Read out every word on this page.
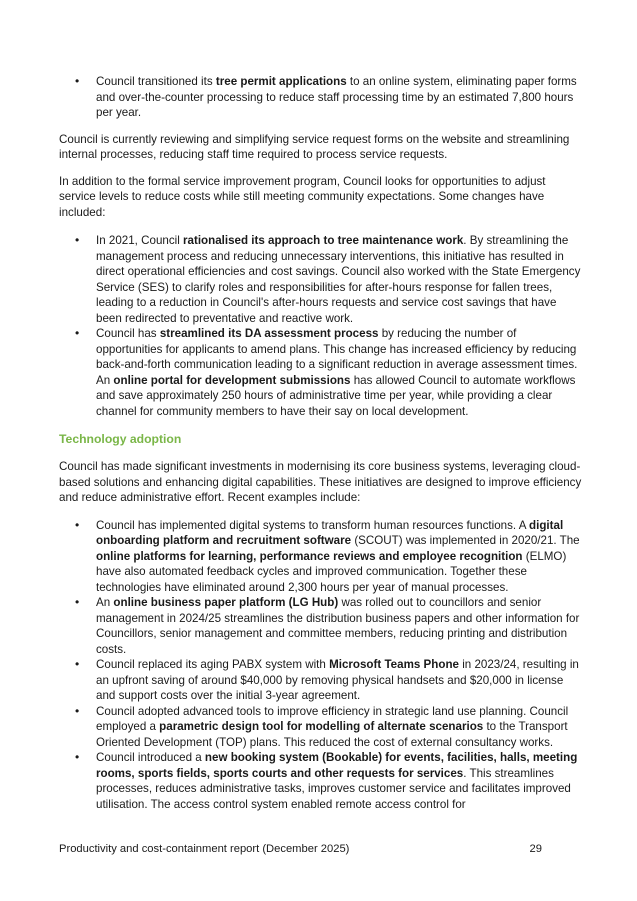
• Council transitioned its tree permit applications to an online system, eliminating paper forms and over-the-counter processing to reduce staff processing time by an estimated 7,800 hours per year.

Council is currently reviewing and simplifying service request forms on the website and streamlining internal processes, reducing staff time required to process service requests.

In addition to the formal service improvement program, Council looks for opportunities to adjust service levels to reduce costs while still meeting community expectations. Some changes have included:

• In 2021, Council rationalised its approach to tree maintenance work. By streamlining the management process and reducing unnecessary interventions, this initiative has resulted in direct operational efficiencies and cost savings. Council also worked with the State Emergency Service (SES) to clarify roles and responsibilities for after-hours response for fallen trees, leading to a reduction in Council's after-hours requests and service cost savings that have been redirected to preventative and reactive work.
• Council has streamlined its DA assessment process by reducing the number of opportunities for applicants to amend plans. This change has increased efficiency by reducing back-and-forth communication leading to a significant reduction in average assessment times. An online portal for development submissions has allowed Council to automate workflows and save approximately 250 hours of administrative time per year, while providing a clear channel for community members to have their say on local development.
Technology adoption

Council has made significant investments in modernising its core business systems, leveraging cloud-based solutions and enhancing digital capabilities. These initiatives are designed to improve efficiency and reduce administrative effort. Recent examples include:

• Council has implemented digital systems to transform human resources functions. A digital onboarding platform and recruitment software (SCOUT) was implemented in 2020/21. The online platforms for learning, performance reviews and employee recognition (ELMO) have also automated feedback cycles and improved communication. Together these technologies have eliminated around 2,300 hours per year of manual processes.
• An online business paper platform (LG Hub) was rolled out to councillors and senior management in 2024/25 streamlines the distribution business papers and other information for Councillors, senior management and committee members, reducing printing and distribution costs.
• Council replaced its aging PABX system with Microsoft Teams Phone in 2023/24, resulting in an upfront saving of around $40,000 by removing physical handsets and $20,000 in license and support costs over the initial 3-year agreement.
• Council adopted advanced tools to improve efficiency in strategic land use planning. Council employed a parametric design tool for modelling of alternate scenarios to the Transport Oriented Development (TOP) plans. This reduced the cost of external consultancy works.
• Council introduced a new booking system (Bookable) for events, facilities, halls, meeting rooms, sports fields, sports courts and other requests for services. This streamlines processes, reduces administrative tasks, improves customer service and facilitates improved utilisation. The access control system enabled remote access control for
Productivity and cost-containment report (December 2025)	29
